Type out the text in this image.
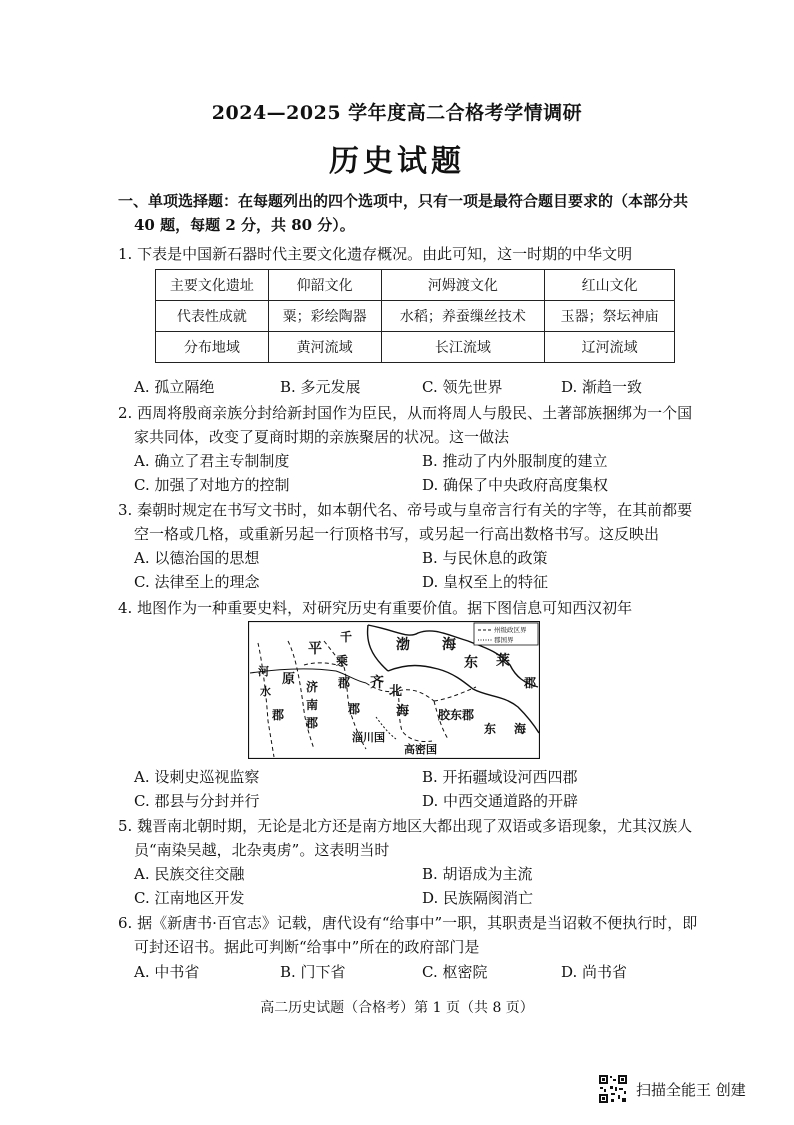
2024—2025 学年度高二合格考学情调研
历史试题
一、单项选择题：在每题列出的四个选项中，只有一项是最符合题目要求的（本部分共
40 题，每题 2 分，共 80 分）。
1. 下表是中国新石器时代主要文化遗存概况。由此可知，这一时期的中华文明
主要文化遗址	仰韶文化	河姆渡文化	红山文化
代表性成就	粟；彩绘陶器	水稻；养蚕缫丝技术	玉器；祭坛神庙
分布地域	黄河流域	长江流域	辽河流域
A. 孤立隔绝	B. 多元发展	C. 领先世界	D. 渐趋一致
2. 西周将殷商亲族分封给新封国作为臣民，从而将周人与殷民、土著部族捆绑为一个国
家共同体，改变了夏商时期的亲族聚居的状况。这一做法
A. 确立了君主专制制度	B. 推动了内外服制度的建立
C. 加强了对地方的控制	D. 确保了中央政府高度集权
3. 秦朝时规定在书写文书时，如本朝代名、帝号或与皇帝言行有关的字等，在其前都要
空一格或几格，或重新另起一行顶格书写，或另起一行高出数格书写。这反映出
A. 以德治国的思想	B. 与民休息的政策
C. 法律至上的理念	D. 皇权至上的特征
4. 地图作为一种重要史料，对研究历史有重要价值。据下图信息可知西汉初年
州级政区界
郡国界
平
千
乘
渤 海
河
水
郡
原 济
南
郡
郡 齐
北
海
郡
东 莱
郡
胶东郡
东 海
淄川国
高密国
A. 设刺史巡视监察	B. 开拓疆域设河西四郡
C. 郡县与分封并行	D. 中西交通道路的开辟
5. 魏晋南北朝时期，无论是北方还是南方地区大都出现了双语或多语现象，尤其汉族人
员“南染吴越，北杂夷虏”。这表明当时
A. 民族交往交融	B. 胡语成为主流
C. 江南地区开发	D. 民族隔阂消亡
6. 据《新唐书·百官志》记载，唐代设有“给事中”一职，其职责是当诏敕不便执行时，即
可封还诏书。据此可判断“给事中”所在的政府部门是
A. 中书省	B. 门下省	C. 枢密院	D. 尚书省
高二历史试题（合格考）第 1 页（共 8 页）
扫描全能王 创建
